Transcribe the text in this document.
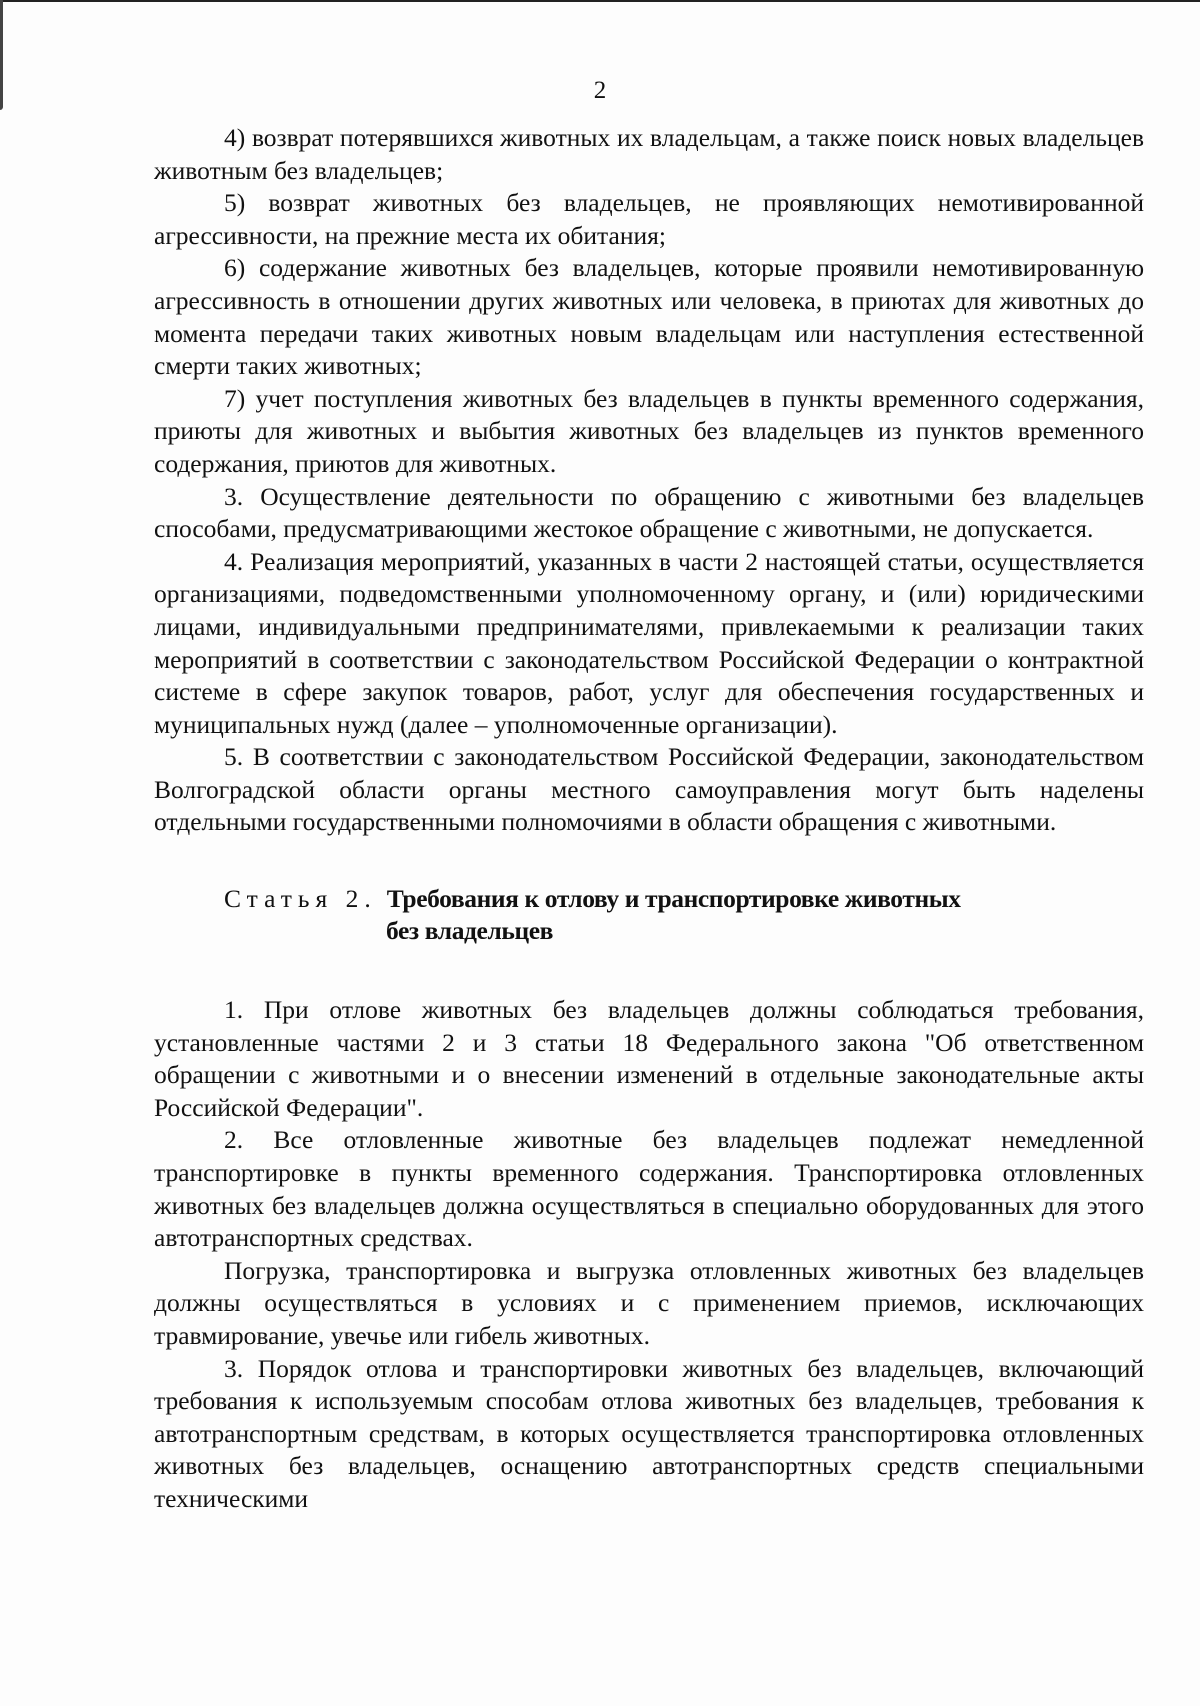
2

4) возврат потерявшихся животных их владельцам, а также поиск новых владельцев животным без владельцев;

5) возврат животных без владельцев, не проявляющих немотивированной агрессивности, на прежние места их обитания;

6) содержание животных без владельцев, которые проявили немотивированную агрессивность в отношении других животных или человека, в приютах для животных до момента передачи таких животных новым владельцам или наступления естественной смерти таких животных;

7) учет поступления животных без владельцев в пункты временного содержания, приюты для животных и выбытия животных без владельцев из пунктов временного содержания, приютов для животных.

3. Осуществление деятельности по обращению с животными без владельцев способами, предусматривающими жестокое обращение с животными, не допускается.

4. Реализация мероприятий, указанных в части 2 настоящей статьи, осуществляется организациями, подведомственными уполномоченному органу, и (или) юридическими лицами, индивидуальными предпринимателями, привлекаемыми к реализации таких мероприятий в соответствии с законодательством Российской Федерации о контрактной системе в сфере закупок товаров, работ, услуг для обеспечения государственных и муниципальных нужд (далее – уполномоченные организации).

5. В соответствии с законодательством Российской Федерации, законодательством Волгоградской области органы местного самоуправления могут быть наделены отдельными государственными полномочиями в области обращения с животными.

Статья 2. Требования к отлову и транспортировке животных
без владельцев

1. При отлове животных без владельцев должны соблюдаться требования, установленные частями 2 и 3 статьи 18 Федерального закона "Об ответственном обращении с животными и о внесении изменений в отдельные законодательные акты Российской Федерации".

2. Все отловленные животные без владельцев подлежат немедленной транспортировке в пункты временного содержания. Транспортировка отловленных животных без владельцев должна осуществляться в специально оборудованных для этого автотранспортных средствах.

Погрузка, транспортировка и выгрузка отловленных животных без владельцев должны осуществляться в условиях и с применением приемов, исключающих травмирование, увечье или гибель животных.

3. Порядок отлова и транспортировки животных без владельцев, включающий требования к используемым способам отлова животных без владельцев, требования к автотранспортным средствам, в которых осуществляется транспортировка отловленных животных без владельцев, оснащению автотранспортных средств специальными техническими
